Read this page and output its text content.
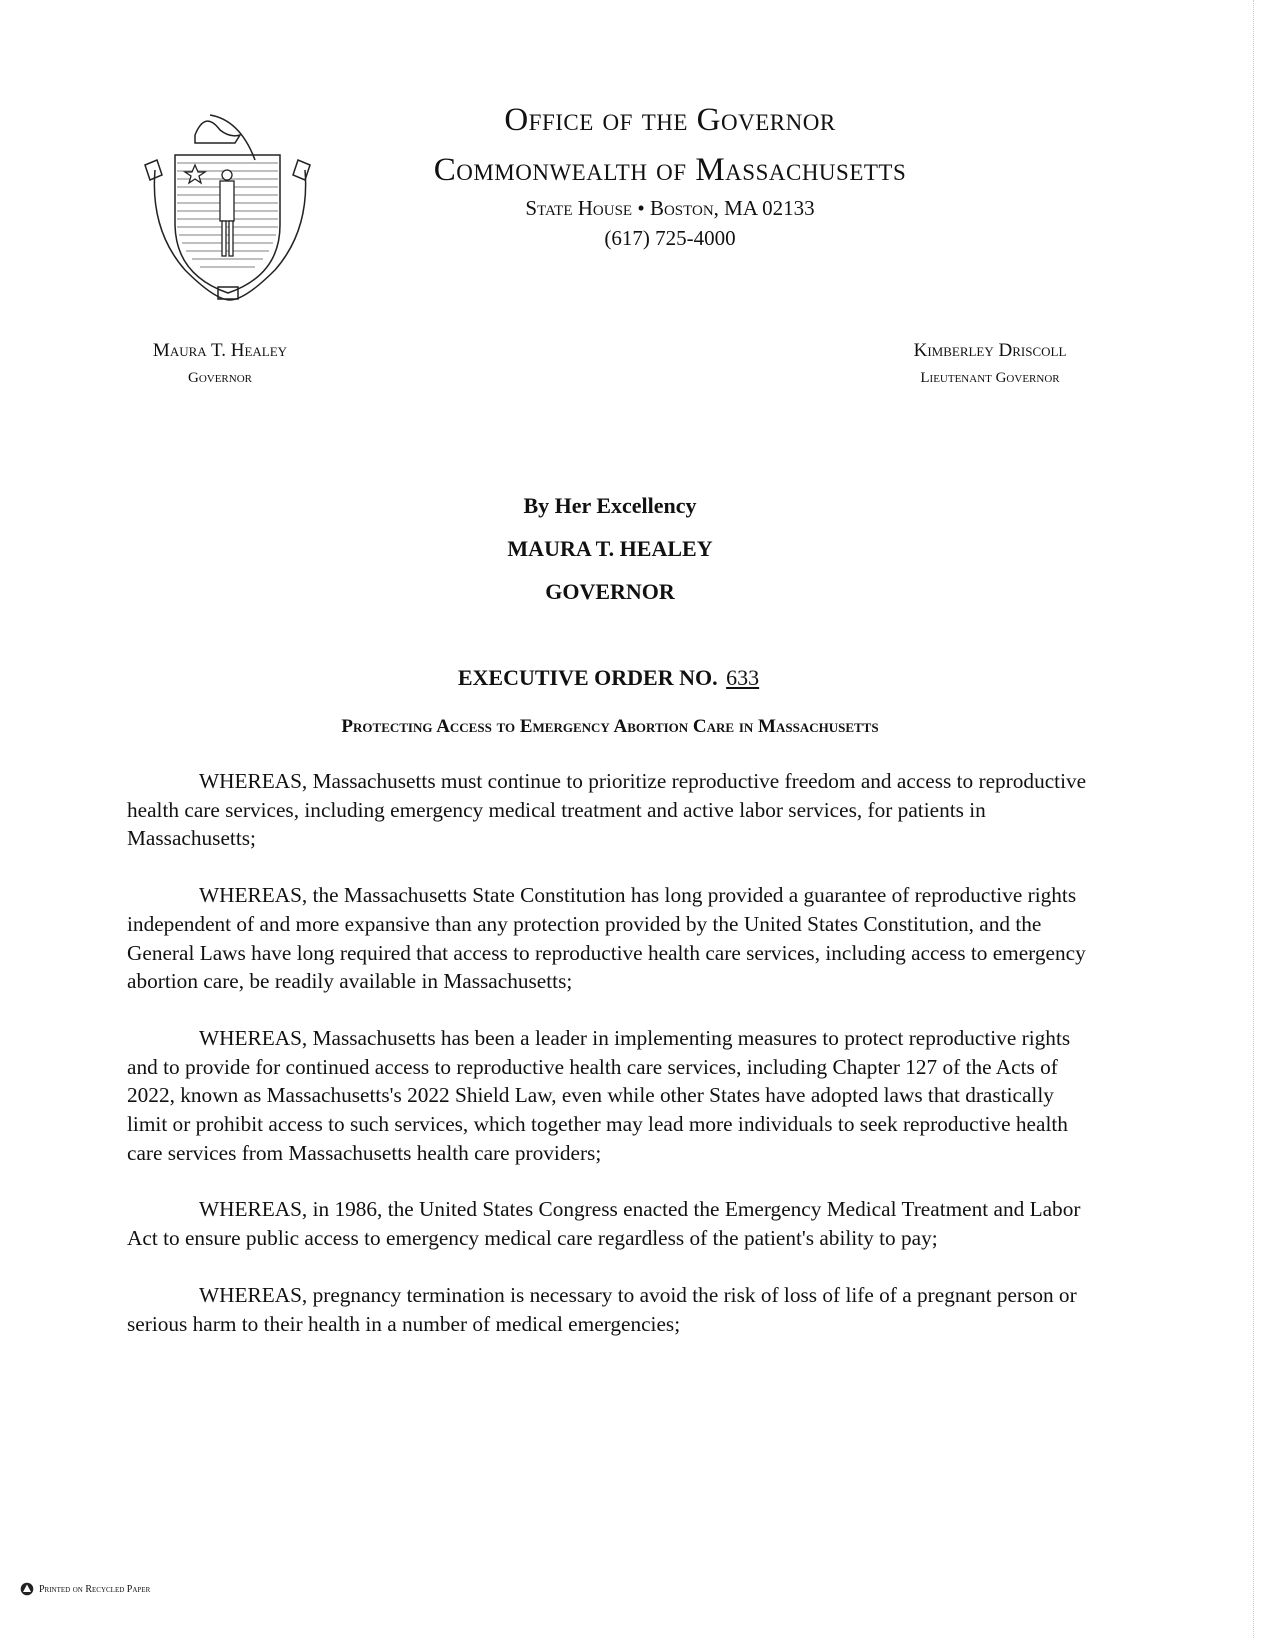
Office of the Governor
Commonwealth of Massachusetts
State House • Boston, MA 02133
(617) 725-4000
Maura T. Healey
Governor
Kimberley Driscoll
Lieutenant Governor
By Her Excellency
MAURA T. HEALEY
GOVERNOR
EXECUTIVE ORDER NO. 633
Protecting Access to Emergency Abortion Care in Massachusetts

WHEREAS, Massachusetts must continue to prioritize reproductive freedom and access to reproductive health care services, including emergency medical treatment and active labor services, for patients in Massachusetts;

WHEREAS, the Massachusetts State Constitution has long provided a guarantee of reproductive rights independent of and more expansive than any protection provided by the United States Constitution, and the General Laws have long required that access to reproductive health care services, including access to emergency abortion care, be readily available in Massachusetts;

WHEREAS, Massachusetts has been a leader in implementing measures to protect reproductive rights and to provide for continued access to reproductive health care services, including Chapter 127 of the Acts of 2022, known as Massachusetts's 2022 Shield Law, even while other States have adopted laws that drastically limit or prohibit access to such services, which together may lead more individuals to seek reproductive health care services from Massachusetts health care providers;

WHEREAS, in 1986, the United States Congress enacted the Emergency Medical Treatment and Labor Act to ensure public access to emergency medical care regardless of the patient's ability to pay;

WHEREAS, pregnancy termination is necessary to avoid the risk of loss of life of a pregnant person or serious harm to their health in a number of medical emergencies;

Printed on Recycled Paper
